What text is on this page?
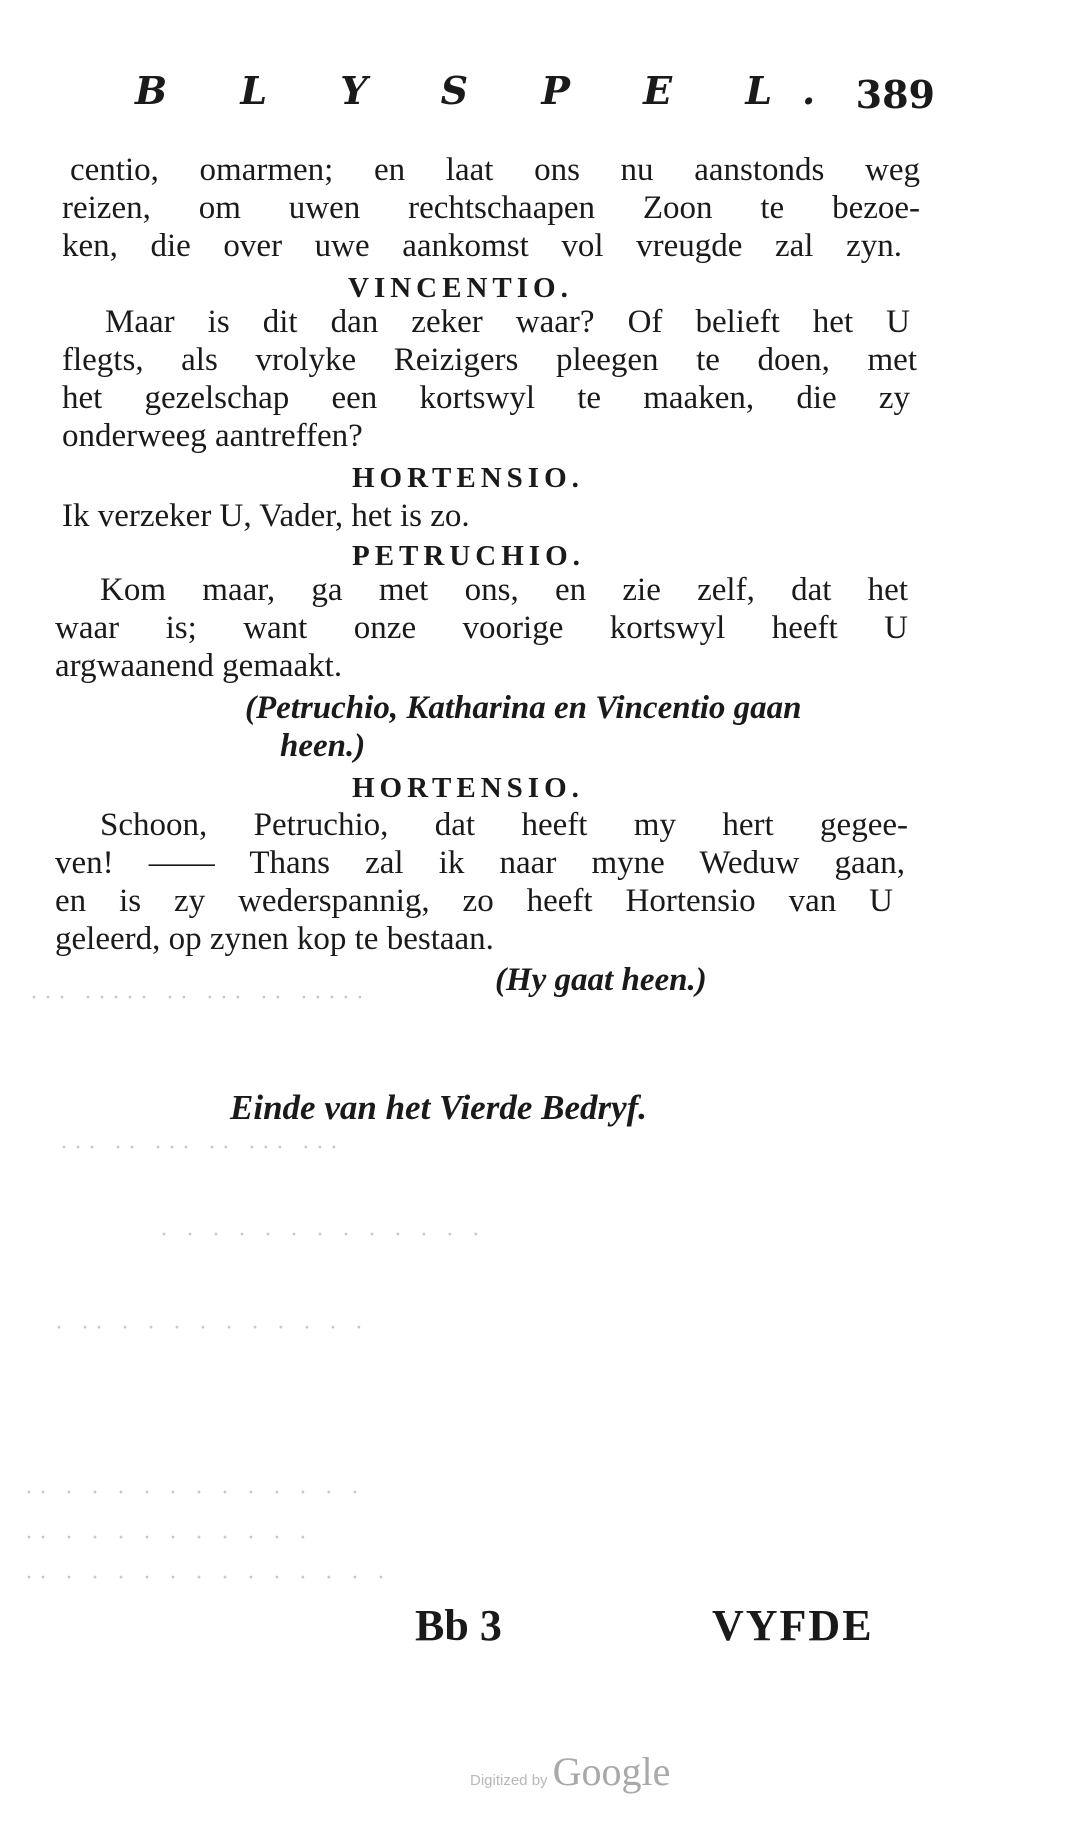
B L Y S P E L. 389
centio, omarmen; en laat ons nu aanstonds weg
reizen, om uwen rechtschaapen Zoon te bezoe-
ken, die over uwe aankomst vol vreugde zal zyn.
VINCENTIO.
Maar is dit dan zeker waar? Of belieft het U
flegts, als vrolyke Reizigers pleegen te doen, met
het gezelschap een kortswyl te maaken, die zy
onderweeg aantreffen?
HORTENSIO.
Ik verzeker U, Vader, het is zo.
PETRUCHIO.
Kom maar, ga met ons, en zie zelf, dat het
waar is; want onze voorige kortswyl heeft U
argwaanend gemaakt.
(Petruchio, Katharina en Vincentio gaan
heen.)
HORTENSIO.
Schoon, Petruchio, dat heeft my hert gegee-
ven! —— Thans zal ik naar myne Weduw gaan,
en is zy wederspannig, zo heeft Hortensio van U
geleerd, op zynen kop te bestaan.
(Hy gaat heen.)
Einde van het Vierde Bedryf.
··· ····· ·· ··· ·· ·····
··· ·· ··· ·· ··· ···
· · · · · · · · · · · · ·
· ·· · · · · · · · · · ·
·· · · · · · · · · · · · ·
·· · · · · · · · · · ·
·· · · · · · · · · · · · · ·
Bb 3	VYFDE
Digitized by Google
